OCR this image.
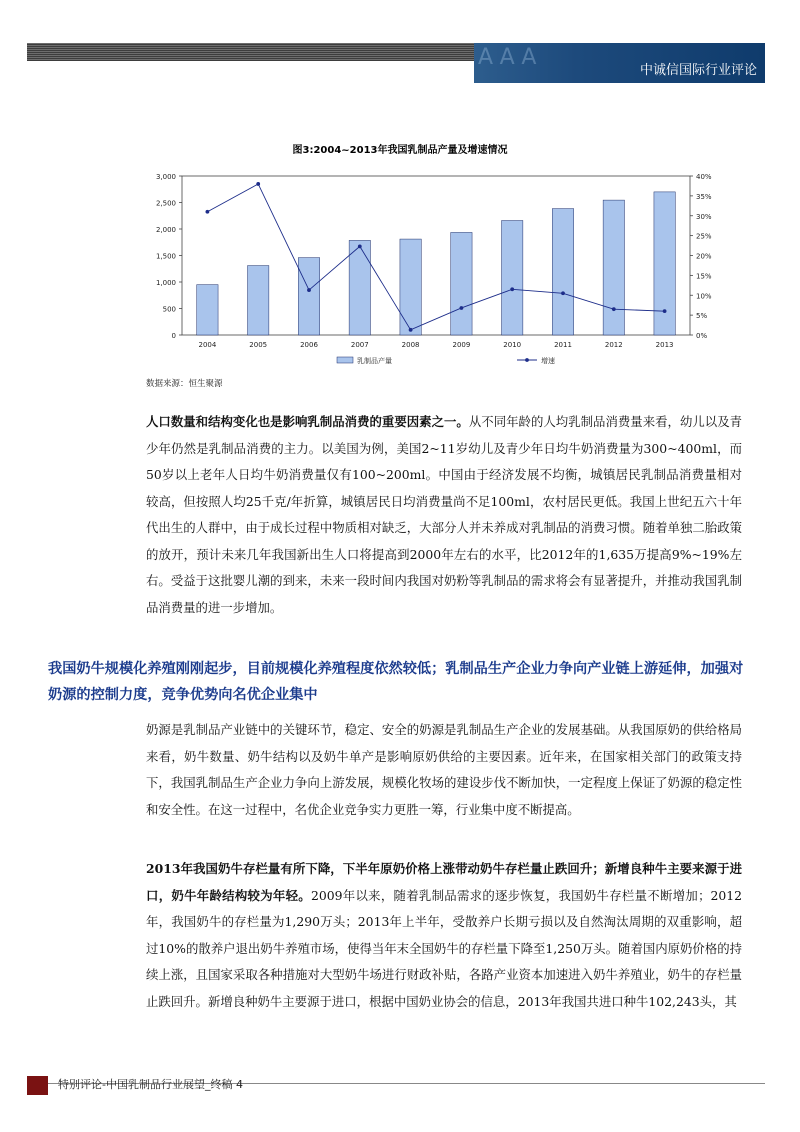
AAA
中诚信国际行业评论
图3:2004~2013年我国乳制品产量及增速情况
0
500
1,000
1,500
2,000
2,500
3,000
0%
5%
10%
15%
20%
25%
30%
35%
40%
2004	2005	2006	2007	2008	2009	2010	2011	2012	2013
乳制品产量	增速
数据来源：恒生聚源

人口数量和结构变化也是影响乳制品消费的重要因素之一。从不同年龄的人均乳制品消费量来看，幼儿以及青少年仍然是乳制品消费的主力。以美国为例，美国2~11岁幼儿及青少年日均牛奶消费量为300~400ml，而50岁以上老年人日均牛奶消费量仅有100~200ml。中国由于经济发展不均衡，城镇居民乳制品消费量相对较高，但按照人均25千克/年折算，城镇居民日均消费量尚不足100ml，农村居民更低。我国上世纪五六十年代出生的人群中，由于成长过程中物质相对缺乏，大部分人并未养成对乳制品的消费习惯。随着单独二胎政策的放开，预计未来几年我国新出生人口将提高到2000年左右的水平，比2012年的1,635万提高9%~19%左右。受益于这批婴儿潮的到来，未来一段时间内我国对奶粉等乳制品的需求将会有显著提升，并推动我国乳制品消费量的进一步增加。

我国奶牛规模化养殖刚刚起步，目前规模化养殖程度依然较低；乳制品生产企业力争向产业链上游延伸，加强对奶源的控制力度，竞争优势向名优企业集中

奶源是乳制品产业链中的关键环节，稳定、安全的奶源是乳制品生产企业的发展基础。从我国原奶的供给格局来看，奶牛数量、奶牛结构以及奶牛单产是影响原奶供给的主要因素。近年来，在国家相关部门的政策支持下，我国乳制品生产企业力争向上游发展，规模化牧场的建设步伐不断加快，一定程度上保证了奶源的稳定性和安全性。在这一过程中，名优企业竞争实力更胜一筹，行业集中度不断提高。

2013年我国奶牛存栏量有所下降，下半年原奶价格上涨带动奶牛存栏量止跌回升；新增良种牛主要来源于进口，奶牛年龄结构较为年轻。2009年以来，随着乳制品需求的逐步恢复，我国奶牛存栏量不断增加；2012年，我国奶牛的存栏量为1,290万头；2013年上半年，受散养户长期亏损以及自然淘汰周期的双重影响，超过10%的散养户退出奶牛养殖市场，使得当年末全国奶牛的存栏量下降至1,250万头。随着国内原奶价格的持续上涨，且国家采取各种措施对大型奶牛场进行财政补贴，各路产业资本加速进入奶牛养殖业，奶牛的存栏量止跌回升。新增良种奶牛主要源于进口，根据中国奶业协会的信息，2013年我国共进口种牛102,243头，其

特别评论-中国乳制品行业展望_终稿 4
